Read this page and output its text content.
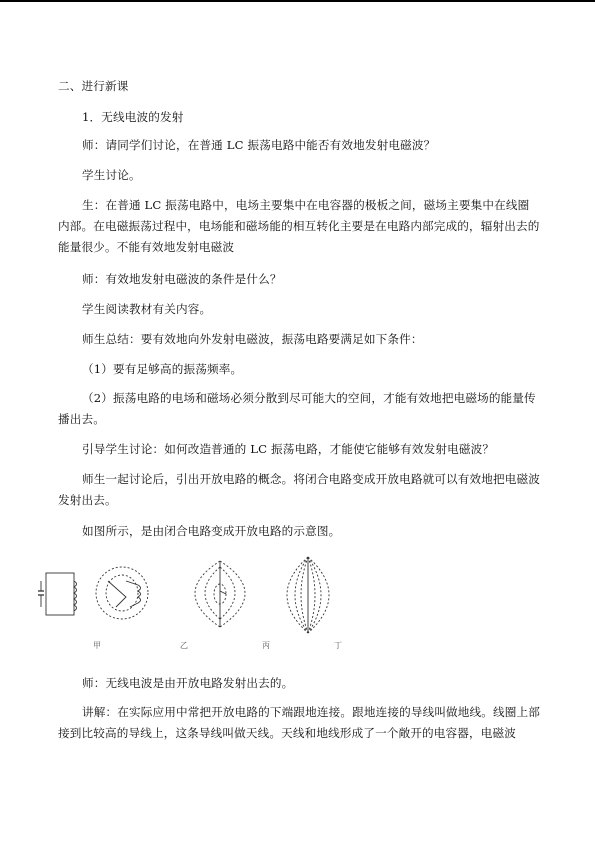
二、进行新课

1．无线电波的发射

师：请同学们讨论，在普通 LC 振荡电路中能否有效地发射电磁波？

学生讨论。

生：在普通 LC 振荡电路中，电场主要集中在电容器的极板之间，磁场主要集中在线圈内部。在电磁振荡过程中，电场能和磁场能的相互转化主要是在电路内部完成的，辐射出去的能量很少。不能有效地发射电磁波

师：有效地发射电磁波的条件是什么？

学生阅读教材有关内容。

师生总结：要有效地向外发射电磁波，振荡电路要满足如下条件：

（1）要有足够高的振荡频率。

（2）振荡电路的电场和磁场必须分散到尽可能大的空间，才能有效地把电磁场的能量传播出去。

引导学生讨论：如何改造普通的 LC 振荡电路，才能使它能够有效发射电磁波？

师生一起讨论后，引出开放电路的概念。将闭合电路变成开放电路就可以有效地把电磁波发射出去。

如图所示，是由闭合电路变成开放电路的示意图。

师：无线电波是由开放电路发射出去的。

讲解：在实际应用中常把开放电路的下端跟地连接。跟地连接的导线叫做地线。线圈上部接到比较高的导线上，这条导线叫做天线。天线和地线形成了一个敞开的电容器，电磁波

甲	乙	丙	丁
